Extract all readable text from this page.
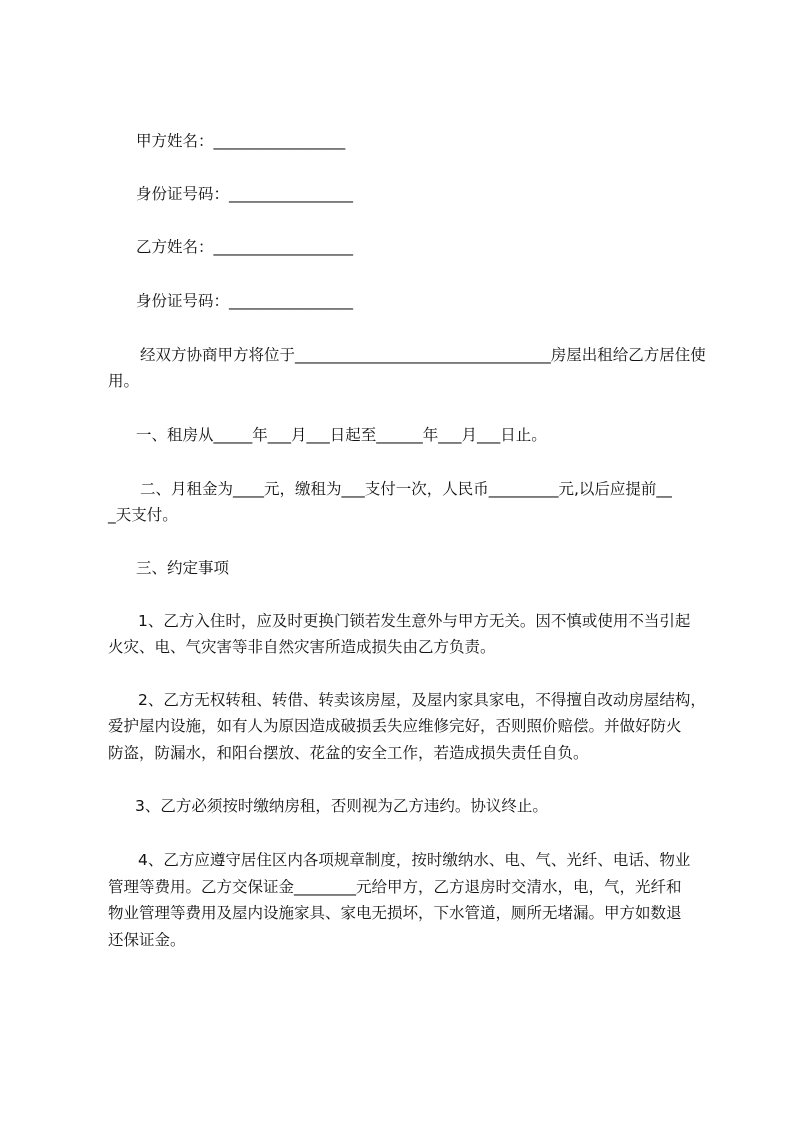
甲方姓名：_________________

身份证号码：________________

乙方姓名：__________________

身份证号码：________________

经双方协商甲方将位于_________________________________房屋出租给乙方居住使

用。

一、租房从_____年___月___日起至______年___月___日止。

二、月租金为____元，缴租为___支付一次，人民币_________元,以后应提前__

_天支付。

三、约定事项

1、乙方入住时，应及时更换门锁若发生意外与甲方无关。因不慎或使用不当引起

火灾、电、气灾害等非自然灾害所造成损失由乙方负责。

2、乙方无权转租、转借、转卖该房屋，及屋内家具家电，不得擅自改动房屋结构，

爱护屋内设施，如有人为原因造成破损丢失应维修完好，否则照价赔偿。并做好防火

防盗，防漏水，和阳台摆放、花盆的安全工作，若造成损失责任自负。

3、乙方必须按时缴纳房租，否则视为乙方违约。协议终止。

4、乙方应遵守居住区内各项规章制度，按时缴纳水、电、气、光纤、电话、物业

管理等费用。乙方交保证金________元给甲方，乙方退房时交清水，电，气，光纤和

物业管理等费用及屋内设施家具、家电无损坏，下水管道，厕所无堵漏。甲方如数退

还保证金。
